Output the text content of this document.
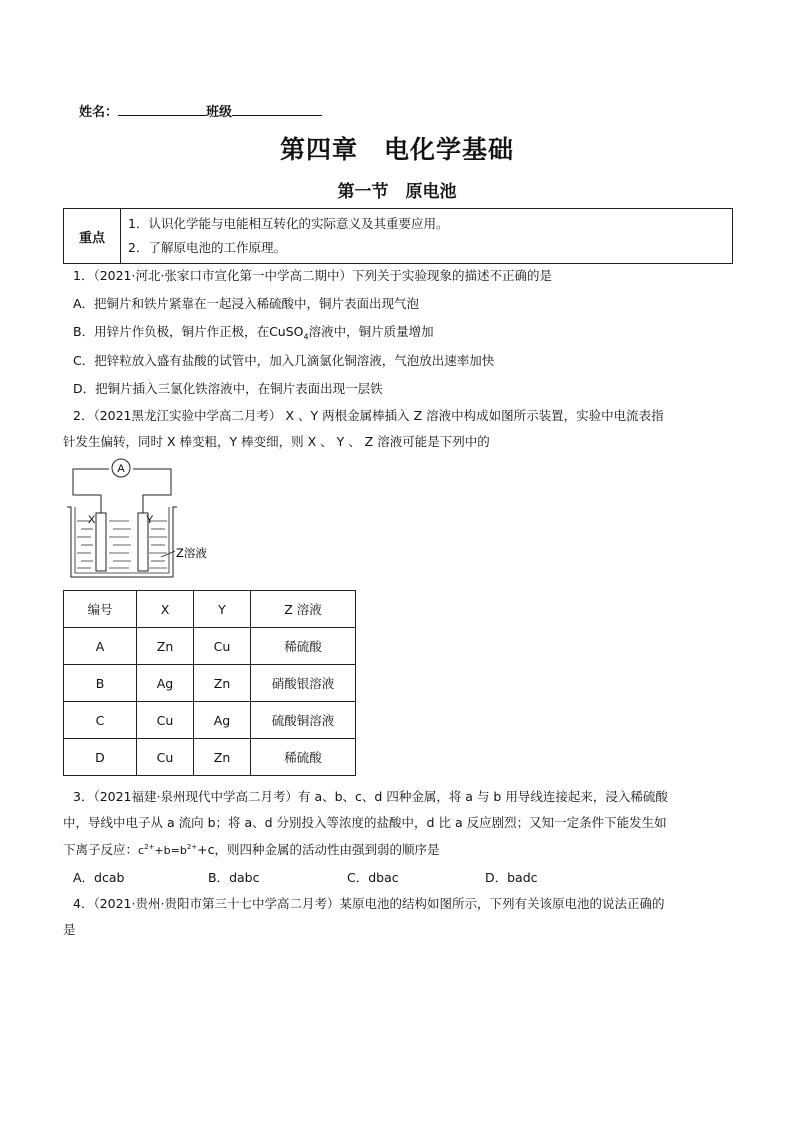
姓名：	班级
第四章　电化学基础
第一节　原电池
重点
1．认识化学能与电能相互转化的实际意义及其重要应用。
2．了解原电池的工作原理。
1．（2021·河北·张家口市宣化第一中学高二期中）下列关于实验现象的描述不正确的是
A．把铜片和铁片紧靠在一起浸入稀硫酸中，铜片表面出现气泡
B．用锌片作负极，铜片作正极，在CuSO$_4$溶液中，铜片质量增加
C．把锌粒放入盛有盐酸的试管中，加入几滴氯化铜溶液，气泡放出速率加快
D．把铜片插入三氯化铁溶液中，在铜片表面出现一层铁
2．（2021黑龙江实验中学高二月考） X 、Y 两根金属棒插入 Z 溶液中构成如图所示装置，实验中电流表指
针发生偏转，同时 X 棒变粗，Y 棒变细，则 X 、 Y 、 Z 溶液可能是下列中的
A
X	Y
Z溶液
编号	X	Y	Z 溶液
A	Zn	Cu	稀硫酸
B	Ag	Zn	硝酸银溶液
C	Cu	Ag	硫酸铜溶液
D	Cu	Zn	稀硫酸
3．（2021福建·泉州现代中学高二月考）有 a、b、c、d 四种金属，将 a 与 b 用导线连接起来，浸入稀硫酸
中，导线中电子从 a 流向 b；将 a、d 分别投入等浓度的盐酸中，d 比 a 反应剧烈；又知一定条件下能发生如
下离子反应：$c^{2+}+b=b^{2+}+c$，则四种金属的活动性由强到弱的顺序是
A．dcab	B．dabc	C．dbac	D．badc
4．（2021·贵州·贵阳市第三十七中学高二月考）某原电池的结构如图所示，下列有关该原电池的说法正确的
是
